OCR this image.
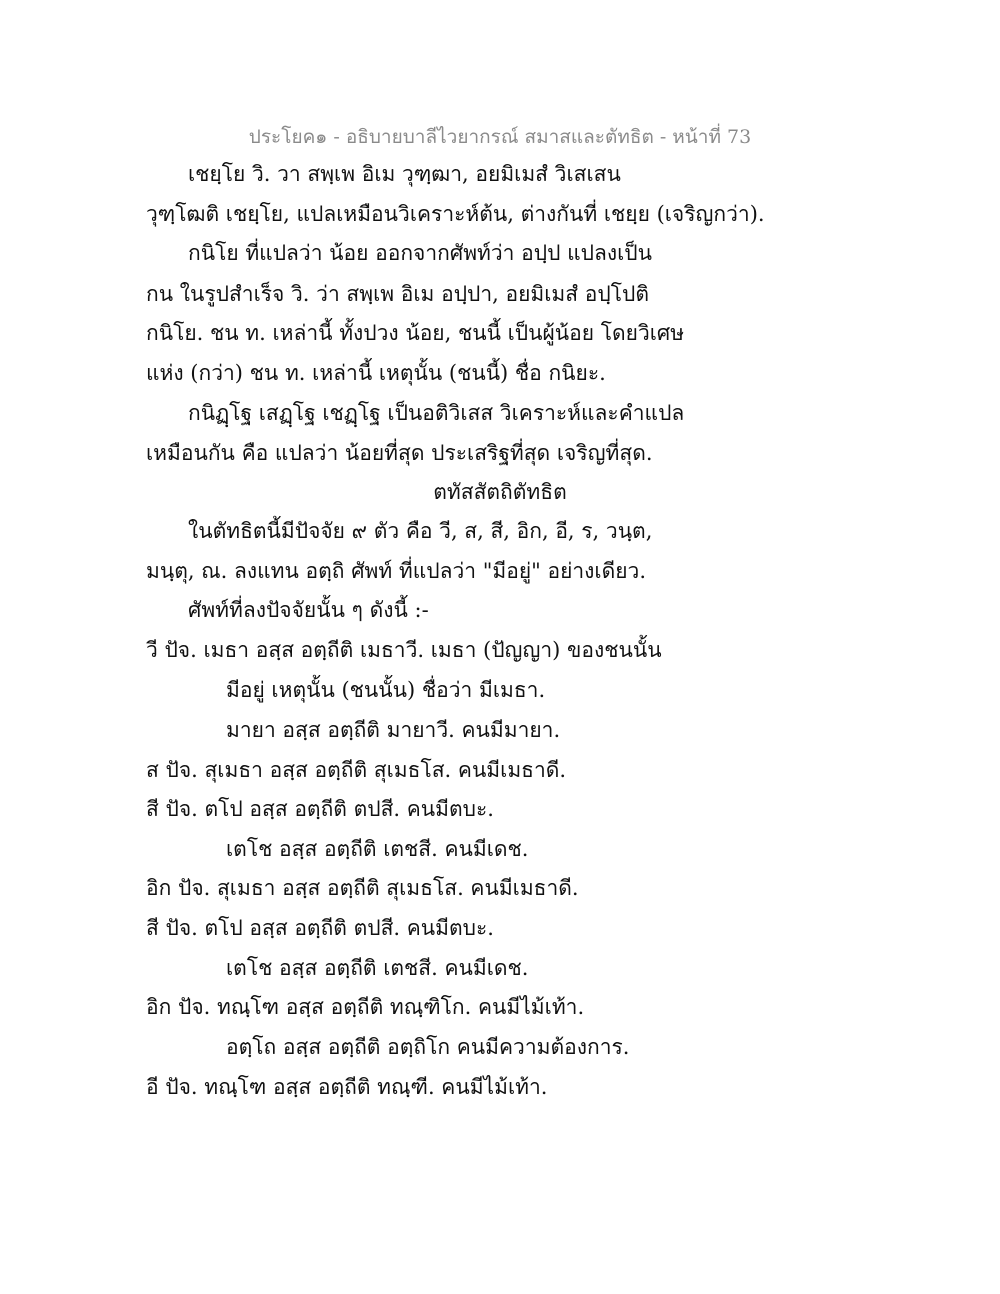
ประโยค๑ - อธิบายบาลีไวยากรณ์ สมาสและตัทธิต - หน้าที่ 73
เชยฺโย วิ. วา สพฺเพ อิเม วุฑฺฒา, อยมิเมสํ วิเสเสน
วุฑฺโฒติ เชยฺโย, แปลเหมือนวิเคราะห์ต้น, ต่างกันที่ เชยฺย (เจริญกว่า).
กนิโย ที่แปลว่า น้อย ออกจากศัพท์ว่า อปฺป แปลงเป็น
กน ในรูปสำเร็จ วิ. ว่า สพฺเพ อิเม อปฺปา, อยมิเมสํ อปฺโปติ
กนิโย. ชน ท. เหล่านี้ ทั้งปวง น้อย, ชนนี้ เป็นผู้น้อย โดยวิเศษ
แห่ง (กว่า) ชน ท. เหล่านี้ เหตุนั้น (ชนนี้) ชื่อ กนิยะ.
กนิฏฺโฐ เสฏฺโฐ เชฏฺโฐ เป็นอติวิเสส วิเคราะห์และคำแปล
เหมือนกัน คือ แปลว่า น้อยที่สุด ประเสริฐที่สุด เจริญที่สุด.
ตทัสสัตถิตัทธิต
ในตัทธิตนี้มีปัจจัย ๙ ตัว คือ วี, ส, สี, อิก, อี, ร, วนฺต,
มนฺตุ, ณ. ลงแทน อตฺถิ ศัพท์ ที่แปลว่า "มีอยู่" อย่างเดียว.
ศัพท์ที่ลงปัจจัยนั้น ๆ ดังนี้ :-
วี ปัจ. เมธา อสฺส อตฺถีติ เมธาวี. เมธา (ปัญญา) ของชนนั้น
มีอยู่ เหตุนั้น (ชนนั้น) ชื่อว่า มีเมธา.
มายา อสฺส อตฺถีติ มายาวี. คนมีมายา.
ส ปัจ. สุเมธา อสฺส อตฺถีติ สุเมธโส. คนมีเมธาดี.
สี ปัจ. ตโป อสฺส อตฺถีติ ตปสี. คนมีตบะ.
เตโช อสฺส อตฺถีติ เตชสี. คนมีเดช.
อิก ปัจ. สุเมธา อสฺส อตฺถีติ สุเมธโส. คนมีเมธาดี.
สี ปัจ. ตโป อสฺส อตฺถีติ ตปสี. คนมีตบะ.
เตโช อสฺส อตฺถีติ เตชสี. คนมีเดช.
อิก ปัจ. ทณฺโฑ อสฺส อตฺถีติ ทณฺฑิโก. คนมีไม้เท้า.
อตฺโถ อสฺส อตฺถีติ อตฺถิโก คนมีความต้องการ.
อี ปัจ. ทณฺโฑ อสฺส อตฺถีติ ทณฺฑี. คนมีไม้เท้า.
